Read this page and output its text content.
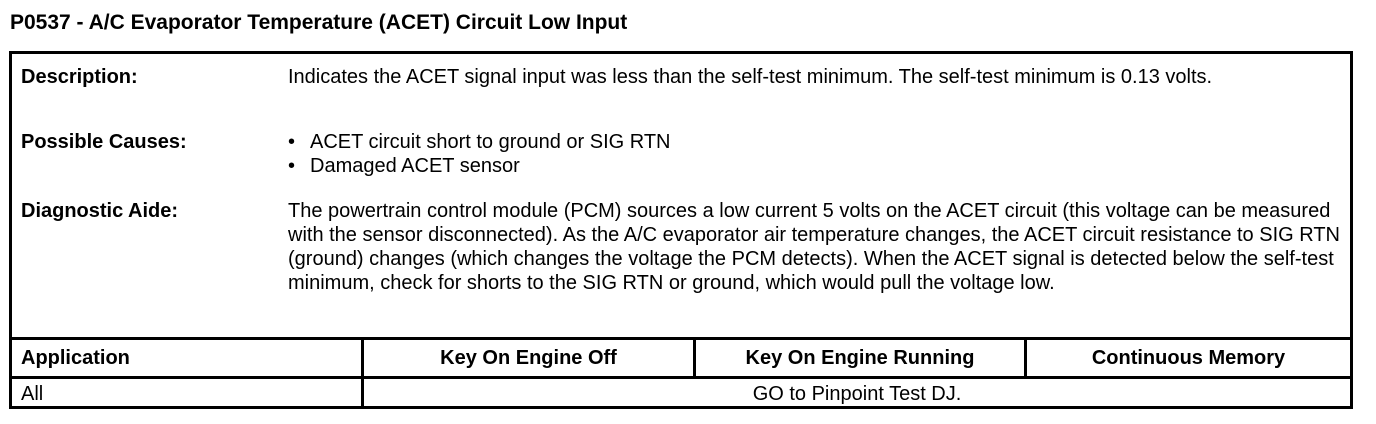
P0537 - A/C Evaporator Temperature (ACET) Circuit Low Input
Description:	Indicates the ACET signal input was less than the self-test minimum. The self-test minimum is 0.13 volts.
Possible Causes:
•	ACET circuit short to ground or SIG RTN
• Damaged ACET sensor
Diagnostic Aide:	The powertrain control module (PCM) sources a low current 5 volts on the ACET circuit (this voltage can be measured with the sensor disconnected). As the A/C evaporator air temperature changes, the ACET circuit resistance to SIG RTN (ground) changes (which changes the voltage the PCM detects). When the ACET signal is detected below the self-test minimum, check for shorts to the SIG RTN or ground, which would pull the voltage low.
Application	Key On Engine Off	Key On Engine Running	Continuous Memory
All	GO to Pinpoint Test DJ.
